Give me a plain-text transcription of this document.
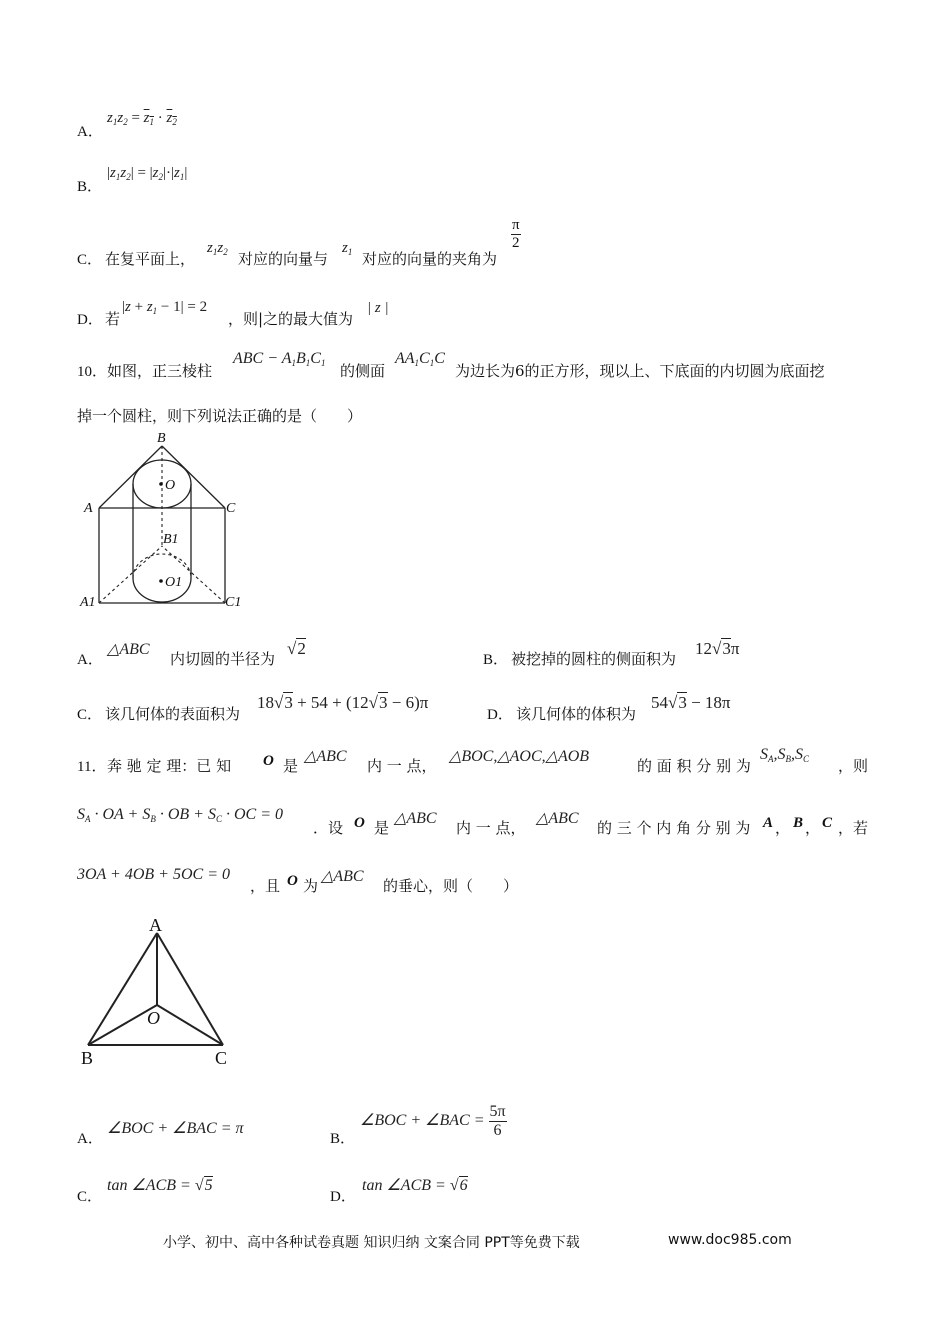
A．
$z_1z_2 = z_1 \cdot z_2$
B．
$|z_1z_2| = |z_2|\cdot|z_1|$
C． 在复平面上，
$z_1z_2$ 对应的向量与
$z_1$ 对应的向量的夹角为
$\frac{\pi}{2}$
D． 若
$|z + z_1 - 1| = 2$
，则|之的最大值为
| z |
10． 如图，正三棱柱
ABC − $A_1B_1C_1$ 的侧面
$AA_1C_1C$
为边长为6的正方形，现以上、下底面的内切圆为底面挖
掉一个圆柱，则下列说法正确的是（　　）
B
O
A	C
B1
O1
A1	C1
A．
△ABC
内切圆的半径为
√2
B． 被挖掉的圆柱的侧面积为
12√3π
C． 该几何体的表面积为
18√3 + 54 + (12√3 − 6)π
D． 该几何体的体积为
54√3 − 18π
11． 奔 驰 定 理：已 知 O 是
△ABC
内 一 点，
△BOC,△AOC,△AOB
的 面 积 分 别 为
$S_A,S_B,S_C$ ，则
$S_A$ · OA + $S_B$ · OB + $S_C$ · OC = 0
．设 O 是
△ABC
内 一 点，
△ABC
的 三 个 内 角 分 别 为 A ， B ， C ，若
3OA + 4OB + 5OC = 0
，且 O 为
△ABC
的垂心，则（　　）
A
O
B	C
A．
∠BOC + ∠BAC = π
B．
∠BOC + ∠BAC = $\frac{5\pi}{6}$
C．
tan ∠ACB = √5
D．
tan ∠ACB = √6
小学、初中、高中各种试卷真题 知识归纳 文案合同 PPT等免费下载	www.doc985.com
